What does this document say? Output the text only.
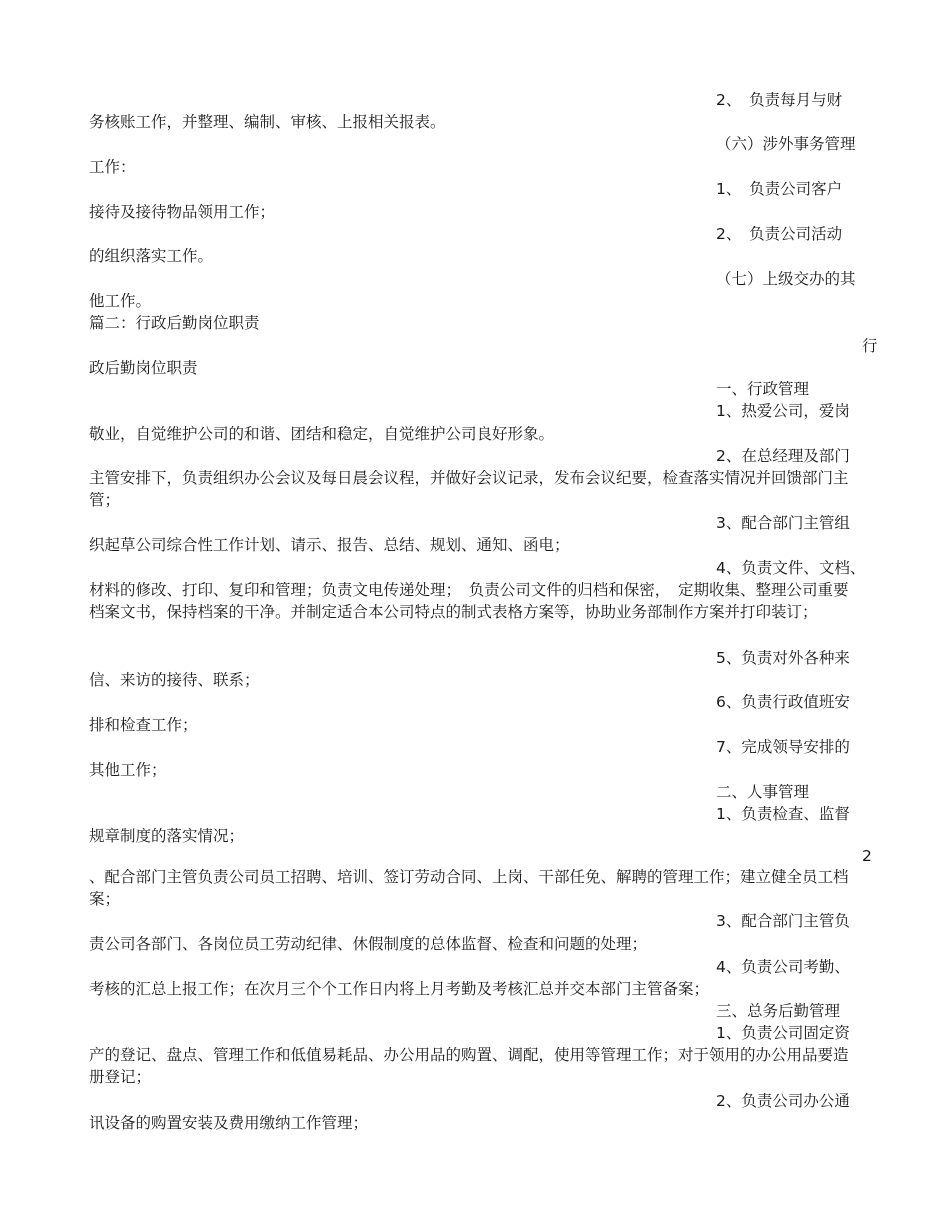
2、　负责每月与财
务核账工作，并整理、编制、审核、上报相关报表。
（六）涉外事务管理
工作：
1、　负责公司客户
接待及接待物品领用工作；
2、　负责公司活动
的组织落实工作。
（七）上级交办的其
他工作。
篇二：行政后勤岗位职责
行
政后勤岗位职责
一、行政管理
1、热爱公司，爱岗
敬业，自觉维护公司的和谐、团结和稳定，自觉维护公司良好形象。
2、在总经理及部门
主管安排下，负责组织办公会议及每日晨会议程，并做好会议记录，发布会议纪要，检查落实情况并回馈部门主管；
3、配合部门主管组
织起草公司综合性工作计划、请示、报告、总结、规划、通知、函电；
4、负责文件、文档、
材料的修改、打印、复印和管理；负责文电传递处理；　负责公司文件的归档和保密，　定期收集、整理公司重要档案文书，保持档案的干净。并制定适合本公司特点的制式表格方案等，协助业务部制作方案并打印装订；
5、负责对外各种来
信、来访的接待、联系；
6、负责行政值班安
排和检查工作；
7、完成领导安排的
其他工作；
二、人事管理
1、负责检查、监督
规章制度的落实情况；
2
、配合部门主管负责公司员工招聘、培训、签订劳动合同、上岗、干部任免、解聘的管理工作；建立健全员工档案；
3、配合部门主管负
责公司各部门、各岗位员工劳动纪律、休假制度的总体监督、检查和问题的处理；
4、负责公司考勤、
考核的汇总上报工作；在次月三个个工作日内将上月考勤及考核汇总并交本部门主管备案；
三、总务后勤管理
1、负责公司固定资
产的登记、盘点、管理工作和低值易耗品、办公用品的购置、调配，使用等管理工作；对于领用的办公用品要造册登记；
2、负责公司办公通
讯设备的购置安装及费用缴纳工作管理；
